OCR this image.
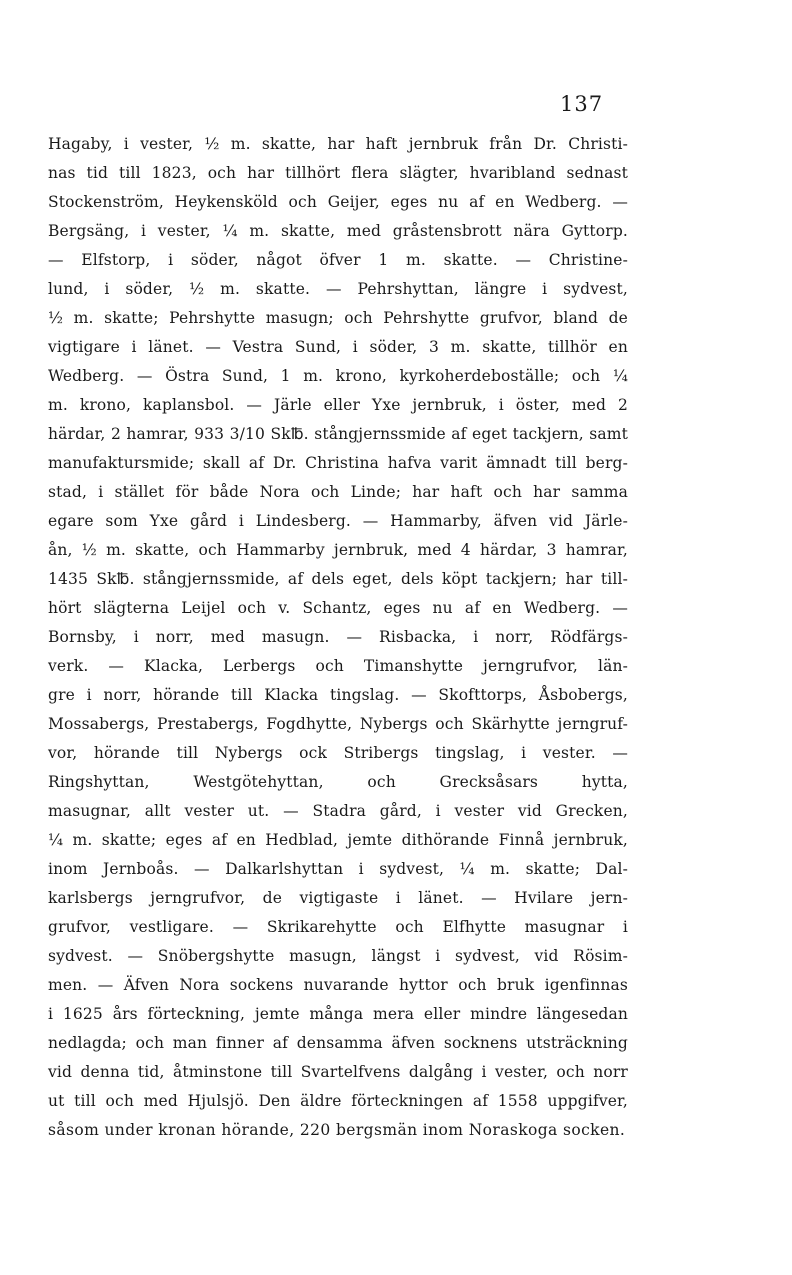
137
Hagaby, i vester, ½ m. skatte, har haft jernbruk från Dr. Christi-
nas tid till 1823, och har tillhört flera slägter, hvaribland sednast
Stockenström, Heykensköld och Geijer, eges nu af en Wedberg. —
Bergsäng, i vester, ¼ m. skatte, med gråstensbrott nära Gyttorp.
— Elfstorp, i söder, något öfver 1 m. skatte. — Christine-
lund, i söder, ½ m. skatte. — Pehrshyttan, längre i sydvest,
½ m. skatte; Pehrshytte masugn; och Pehrshytte grufvor, bland de
vigtigare i länet. — Vestra Sund, i söder, 3 m. skatte, tillhör en
Wedberg. — Östra Sund, 1 m. krono, kyrkoherdeboställe; och ¼
m. krono, kaplansbol. — Järle eller Yxe jernbruk, i öster, med 2
härdar, 2 hamrar, 933 3/10 Sk℔. stångjernssmide af eget tackjern, samt
manufaktursmide; skall af Dr. Christina hafva varit ämnadt till berg-
stad, i stället för både Nora och Linde; har haft och har samma
egare som Yxe gård i Lindesberg. — Hammarby, äfven vid Järle-
ån, ½ m. skatte, och Hammarby jernbruk, med 4 härdar, 3 hamrar,
1435 Sk℔. stångjernssmide, af dels eget, dels köpt tackjern; har till-
hört slägterna Leijel och v. Schantz, eges nu af en Wedberg. —
Bornsby, i norr, med masugn. — Risbacka, i norr, Rödfärgs-
verk. — Klacka, Lerbergs och Timanshytte jerngrufvor, län-
gre i norr, hörande till Klacka tingslag. — Skofttorps, Åsbobergs,
Mossabergs, Prestabergs, Fogdhytte, Nybergs och Skärhytte jerngruf-
vor, hörande till Nybergs ock Stribergs tingslag, i vester. —
Ringshyttan, Westgötehyttan, och Grecksåsars hytta,
masugnar, allt vester ut. — Stadra gård, i vester vid Grecken,
¼ m. skatte; eges af en Hedblad, jemte dithörande Finnå jernbruk,
inom Jernboås. — Dalkarlshyttan i sydvest, ¼ m. skatte; Dal-
karlsbergs jerngrufvor, de vigtigaste i länet. — Hvilare jern-
grufvor, vestligare. — Skrikarehytte och Elfhytte masugnar i
sydvest. — Snöbergshytte masugn, längst i sydvest, vid Rösim-
men. — Äfven Nora sockens nuvarande hyttor och bruk igenfinnas
i 1625 års förteckning, jemte många mera eller mindre längesedan
nedlagda; och man finner af densamma äfven socknens utsträckning
vid denna tid, åtminstone till Svartelfvens dalgång i vester, och norr
ut till och med Hjulsjö. Den äldre förteckningen af 1558 uppgifver,
såsom under kronan hörande, 220 bergsmän inom Noraskoga socken.
